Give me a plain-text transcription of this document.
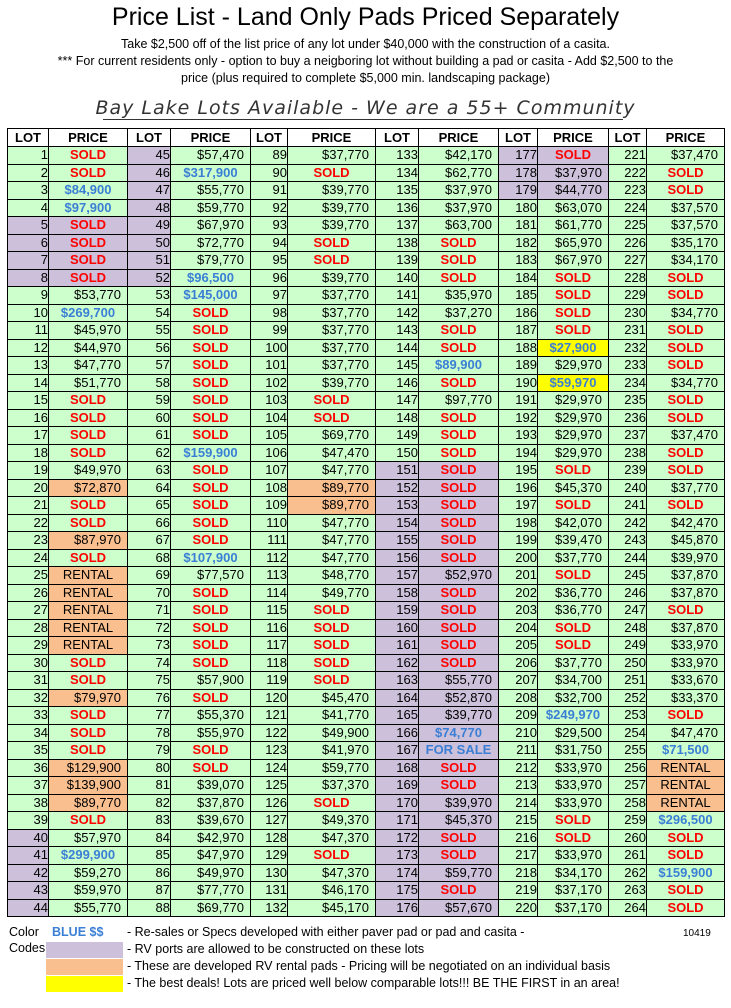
Price List - Land Only Pads Priced Separately
Take $2,500 off of the list price of any lot under $40,000 with the construction of a casita.
*** For current residents only - option to buy a neigboring lot without building a pad or casita - Add $2,500 to the
price (plus required to complete $5,000 min. landscaping package)
Bay Lake Lots Available - We are a 55+ Community
LOT	PRICE	LOT	PRICE	LOT	PRICE	LOT	PRICE	LOT	PRICE	LOT	PRICE
1	SOLD	45	$57,470	89	$37,770	133	$42,170	177	SOLD	221	$37,470
2	SOLD	46	$317,900	90	SOLD	134	$62,770	178	$37,970	222	SOLD
3	$84,900	47	$55,770	91	$39,770	135	$37,970	179	$44,770	223	SOLD
4	$97,900	48	$59,770	92	$39,770	136	$37,970	180	$63,070	224	$37,570
5	SOLD	49	$67,970	93	$39,770	137	$63,700	181	$61,770	225	$37,570
6	SOLD	50	$72,770	94	SOLD	138	SOLD	182	$65,970	226	$35,170
7	SOLD	51	$79,770	95	SOLD	139	SOLD	183	$67,970	227	$34,170
8	SOLD	52	$96,500	96	$39,770	140	SOLD	184	SOLD	228	SOLD
9	$53,770	53	$145,000	97	$37,770	141	$35,970	185	SOLD	229	SOLD
10	$269,700	54	SOLD	98	$37,770	142	$37,270	186	SOLD	230	$34,770
11	$45,970	55	SOLD	99	$37,770	143	SOLD	187	SOLD	231	SOLD
12	$44,970	56	SOLD	100	$37,770	144	SOLD	188	$27,900	232	SOLD
13	$47,770	57	SOLD	101	$37,770	145	$89,900	189	$29,970	233	SOLD
14	$51,770	58	SOLD	102	$39,770	146	SOLD	190	$59,970	234	$34,770
15	SOLD	59	SOLD	103	SOLD	147	$97,770	191	$29,970	235	SOLD
16	SOLD	60	SOLD	104	SOLD	148	SOLD	192	$29,970	236	SOLD
17	SOLD	61	SOLD	105	$69,770	149	SOLD	193	$29,970	237	$37,470
18	SOLD	62	$159,900	106	$47,470	150	SOLD	194	$29,970	238	SOLD
19	$49,970	63	SOLD	107	$47,770	151	SOLD	195	SOLD	239	SOLD
20	$72,870	64	SOLD	108	$89,770	152	SOLD	196	$45,370	240	$37,770
21	SOLD	65	SOLD	109	$89,770	153	SOLD	197	SOLD	241	SOLD
22	SOLD	66	SOLD	110	$47,770	154	SOLD	198	$42,070	242	$42,470
23	$87,970	67	SOLD	111	$47,770	155	SOLD	199	$39,470	243	$45,870
24	SOLD	68	$107,900	112	$47,770	156	SOLD	200	$37,770	244	$39,970
25	RENTAL	69	$77,570	113	$48,770	157	$52,970	201	SOLD	245	$37,870
26	RENTAL	70	SOLD	114	$49,770	158	SOLD	202	$36,770	246	$37,870
27	RENTAL	71	SOLD	115	SOLD	159	SOLD	203	$36,770	247	SOLD
28	RENTAL	72	SOLD	116	SOLD	160	SOLD	204	SOLD	248	$37,870
29	RENTAL	73	SOLD	117	SOLD	161	SOLD	205	SOLD	249	$33,970
30	SOLD	74	SOLD	118	SOLD	162	SOLD	206	$37,770	250	$33,970
31	SOLD	75	$57,900	119	SOLD	163	$55,770	207	$34,700	251	$33,670
32	$79,970	76	SOLD	120	$45,470	164	$52,870	208	$32,700	252	$33,370
33	SOLD	77	$55,370	121	$41,770	165	$39,770	209	$249,970	253	SOLD
34	SOLD	78	$55,970	122	$49,900	166	$74,770	210	$29,500	254	$47,470
35	SOLD	79	SOLD	123	$41,970	167	FOR SALE	211	$31,750	255	$71,500
36	$129,900	80	SOLD	124	$59,770	168	SOLD	212	$33,970	256	RENTAL
37	$139,900	81	$39,070	125	$37,370	169	SOLD	213	$33,970	257	RENTAL
38	$89,770	82	$37,870	126	SOLD	170	$39,970	214	$33,970	258	RENTAL
39	SOLD	83	$39,670	127	$49,370	171	$45,370	215	SOLD	259	$296,500
40	$57,970	84	$42,970	128	$47,370	172	SOLD	216	SOLD	260	SOLD
41	$299,900	85	$47,970	129	SOLD	173	SOLD	217	$33,970	261	SOLD
42	$59,270	86	$49,970	130	$47,370	174	$59,770	218	$34,170	262	$159,900
43	$59,970	87	$77,770	131	$46,170	175	SOLD	219	$37,170	263	SOLD
44	$55,770	88	$69,770	132	$45,170	176	$57,670	220	$37,170	264	SOLD
Color BLUE $$
Codes
- Re-sales or Specs developed with either paver pad or pad and casita -	10419
- RV ports are allowed to be constructed on these lots
- These are developed RV rental pads - Pricing will be negotiated on an individual basis
- The best deals! Lots are priced well below comparable lots!!! BE THE FIRST in an area!
